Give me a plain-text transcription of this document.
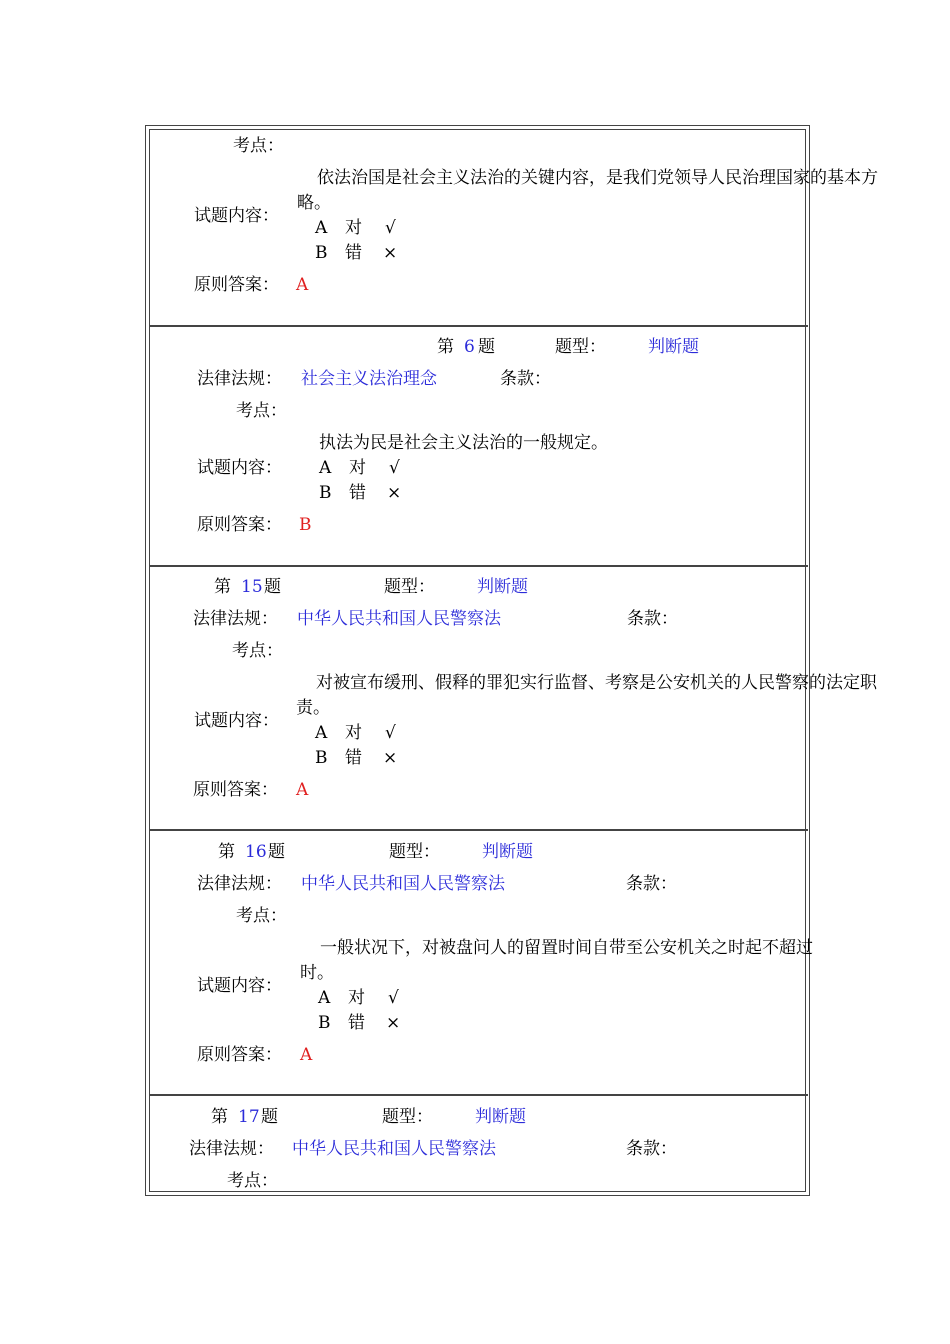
考点：
依法治国是社会主义法治的关键内容，是我们党领导人民治理国家的基本方
略。
试题内容：
A 对 √
B 错 ×
原则答案： A
第 6 题	题型： 判断题
法律法规： 社会主义法治理念	条款：
考点：
执法为民是社会主义法治的一般规定。
试题内容： A 对 √
B 错 ×
原则答案： B
第 15 题	题型： 判断题
法律法规： 中华人民共和国人民警察法	条款：
考点：
对被宣布缓刑、假释的罪犯实行监督、考察是公安机关的人民警察的法定职
责。
试题内容：
A 对 √
B 错 ×
原则答案： A
第 16 题	题型： 判断题
法律法规： 中华人民共和国人民警察法	条款：
考点：
一般状况下，对被盘问人的留置时间自带至公安机关之时起不超过
时。
试题内容：
A 对 √
B 错 ×
原则答案： A
第 17 题	题型： 判断题
法律法规： 中华人民共和国人民警察法	条款：
考点：
